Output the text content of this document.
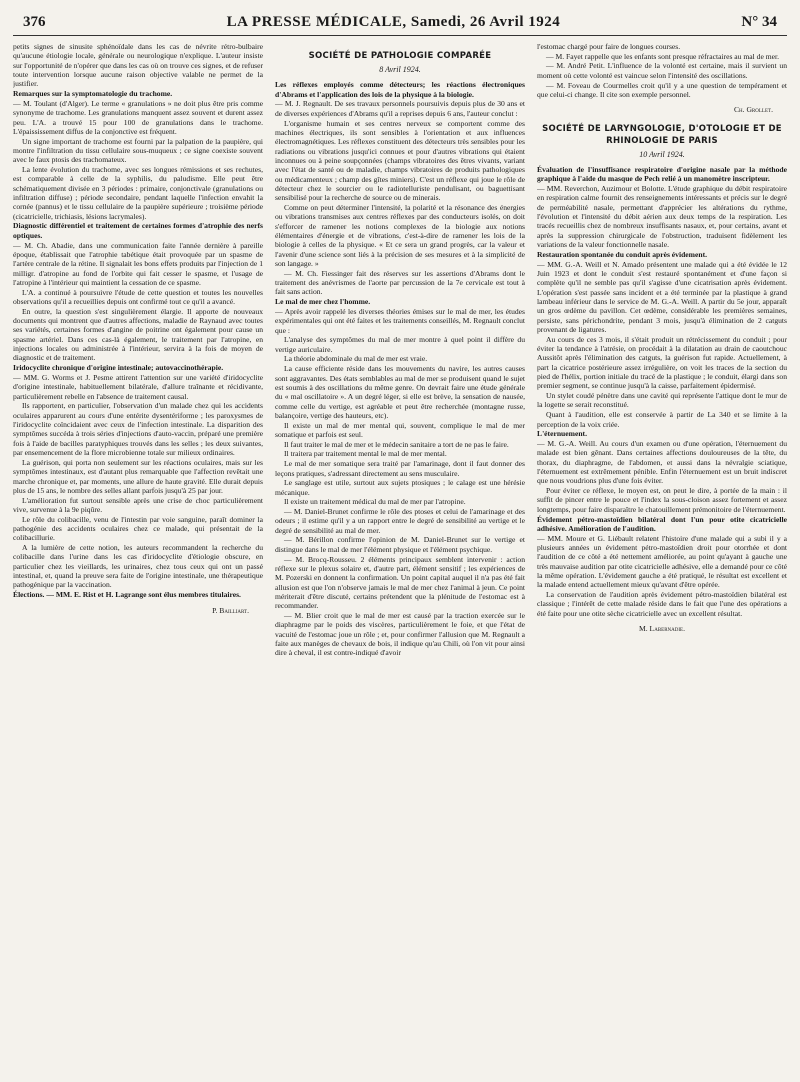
376	LA PRESSE MÉDICALE, Samedi, 26 Avril 1924	N° 34

petits signes de sinusite sphénoïdale dans les cas de névrite rétro-bulbaire qu'aucune étiologie locale, générale ou neurologique n'explique. L'auteur insiste sur l'opportunité de n'opérer que dans les cas où on trouve ces signes, et de refuser toute intervention lorsque aucune raison objective valable ne permet de la justifier.

Remarques sur la symptomatologie du trachome.

— M. Toulant (d'Alger). Le terme « granulations » ne doit plus être pris comme synonyme de trachome. Les granulations manquent assez souvent et durent assez peu. L'A. a trouvé 15 pour 100 de granulations dans le trachome. L'épaississement diffus de la conjonctive est fréquent.

Un signe important de trachome est fourni par la palpation de la paupière, qui montre l'infiltration du tissu cellulaire sous-muqueux ; ce signe coexiste souvent avec le faux ptosis des trachomateux.

La lente évolution du trachome, avec ses longues rémissions et ses rechutes, est comparable à celle de la syphilis, du paludisme. Elle peut être schématiquement divisée en 3 périodes : primaire, conjonctivale (granulations ou infiltration diffuse) ; période secondaire, pendant laquelle l'infection envahit la cornée (pannus) et le tissu cellulaire de la paupière supérieure ; troisième période (cicatricielle, trichiasis, lésions lacrymales).

Diagnostic différentiel et traitement de certaines formes d'atrophie des nerfs optiques.

— M. Ch. Abadie, dans une communication faite l'année dernière à pareille époque, établissait que l'atrophie tabétique était provoquée par un spasme de l'artère centrale de la rétine. Il signalait les bons effets produits par l'injection de 1 milligr. d'atropine au fond de l'orbite qui fait cesser le spasme, et l'usage de l'atropine à l'intérieur qui maintient la cessation de ce spasme.

L'A. a continué à poursuivre l'étude de cette question et toutes les nouvelles observations qu'il a recueillies depuis ont confirmé tout ce qu'il a avancé.

En outre, la question s'est singulièrement élargie. Il apporte de nouveaux documents qui montrent que d'autres affections, maladie de Raynaud avec toutes ses variétés, certaines formes d'angine de poitrine ont également pour cause un spasme artériel. Dans ces cas-là également, le traitement par l'atropine, en injections locales ou administrée à l'intérieur, servira à la fois de moyen de diagnostic et de traitement.

Iridocyclite chronique d'origine intestinale; autovaccinothérapie.

— MM. G. Worms et J. Pesme attirent l'attention sur une variété d'iridocyclite d'origine intestinale, habituellement bilatérale, d'allure traînante et récidivante, particulièrement rebelle en l'absence de traitement causal.

Ils rapportent, en particulier, l'observation d'un malade chez qui les accidents oculaires apparurent au cours d'une entérite dysentériforme ; les paroxysmes de l'iridocyclite coïncidaient avec ceux de l'infection intestinale. La disparition des symptômes succéda à trois séries d'injections d'auto-vaccin, préparé une première fois à l'aide de bacilles paratyphiques trouvés dans les selles ; les deux suivantes, par ensemencement de la flore microbienne totale sur milieux ordinaires.

La guérison, qui porta non seulement sur les réactions oculaires, mais sur les symptômes intestinaux, est d'autant plus remarquable que l'affection revêtait une marche chronique et, par moments, une allure de haute gravité. Elle durait depuis plus de 15 ans, le nombre des selles allant parfois jusqu'à 25 par jour.

L'amélioration fut surtout sensible après une crise de choc particulièrement vive, survenue à la 9e piqûre.

Le rôle du colibacille, venu de l'intestin par voie sanguine, paraît dominer la pathogénie des accidents oculaires chez ce malade, qui présentait de la colibacillurie.

A la lumière de cette notion, les auteurs recommandent la recherche du colibacille dans l'urine dans les cas d'iridocyclite d'étiologie obscure, en particulier chez les vieillards, les urinaires, chez tous ceux qui ont un passé intestinal, et, quand la preuve sera faite de l'origine intestinale, une thérapeutique pathogénique par la vaccination.

Élections. — MM. E. Rist et H. Lagrange sont élus membres titulaires.

P. Bailliart.
SOCIÉTÉ DE PATHOLOGIE COMPARÉE
8 Avril 1924.

Les réflexes employés comme détecteurs; les réactions électroniques d'Abrams et l'application des lois de la physique à la biologie.

— M. J. Regnault. De ses travaux personnels poursuivis depuis plus de 30 ans et de diverses expériences d'Abrams qu'il a reprises depuis 6 ans, l'auteur conclut :

L'organisme humain et ses centres nerveux se comportent comme des machines électriques, ils sont sensibles à l'orientation et aux influences électromagnétiques. Les réflexes constituent des détecteurs très sensibles pour les radiations ou vibrations jusqu'ici connues et pour d'autres vibrations qui étaient inconnues ou à peine soupçonnées (champs vibratoires des êtres vivants, variant avec l'état de santé ou de maladie, champs vibratoires de produits pathologiques ou médicamenteux ; champ des gîtes miniers). C'est un réflexe qui joue le rôle de détecteur chez le sourcier ou le radiotelluriste pendulisant, ou baguettisant sensibilisé pour la recherche de source ou de minerais.

Comme on peut déterminer l'intensité, la polarité et la résonance des énergies ou vibrations transmises aux centres réflexes par des conducteurs isolés, on doit s'efforcer de ramener les notions complexes de la biologie aux notions élémentaires d'énergie et de vibrations, c'est-à-dire de ramener les lois de la biologie à celles de la physique. « Et ce sera un grand progrès, car la valeur et l'avenir d'une science sont liés à la précision de ses mesures et à la simplicité de son langage. »

— M. Ch. Fiessinger fait des réserves sur les assertions d'Abrams dont le traitement des anévrismes de l'aorte par percussion de la 7e cervicale est tout à fait sans action.

Le mal de mer chez l'homme.

— Après avoir rappelé les diverses théories émises sur le mal de mer, les études expérimentales qui ont été faites et les traitements conseillés, M. Regnault conclut que :

L'analyse des symptômes du mal de mer montre à quel point il diffère du vertige auriculaire.

La théorie abdominale du mal de mer est vraie.

La cause efficiente réside dans les mouvements du navire, les autres causes sont aggravantes. Des états semblables au mal de mer se produisent quand le sujet est soumis à des oscillations du même genre. On devrait faire une étude générale du « mal oscillatoire ». A un degré léger, si elle est brève, la sensation de nausée, comme celle du vertige, est agréable et peut être recherchée (montagne russe, balançoire, vertige des hauteurs, etc).

Il existe un mal de mer mental qui, souvent, complique le mal de mer somatique et parfois est seul.

Il faut traiter le mal de mer et le médecin sanitaire a tort de ne pas le faire.

Il traitera par traitement mental le mal de mer mental.

Le mal de mer somatique sera traité par l'amarinage, dont il faut donner des leçons pratiques, s'adressant directement au sens musculaire.

Le sanglage est utile, surtout aux sujets ptosiques ; le calage est une hérésie mécanique.

Il existe un traitement médical du mal de mer par l'atropine.

— M. Daniel-Brunet confirme le rôle des ptoses et celui de l'amarinage et des odeurs ; il estime qu'il y a un rapport entre le degré de sensibilité au vertige et le degré de sensibilité au mal de mer.

— M. Bérillon confirme l'opinion de M. Daniel-Brunet sur le vertige et distingue dans le mal de mer l'élément physique et l'élément psychique.

— M. Brocq-Rousseu. 2 éléments principaux semblent intervenir : action réflexe sur le plexus solaire et, d'autre part, élément sensitif ; les expériences de M. Pozerski en donnent la confirmation. Un point capital auquel il n'a pas été fait allusion est que l'on n'observe jamais le mal de mer chez l'animal à jeun. Ce point mériterait d'être discuté, certains prétendent que la plénitude de l'estomac est à recommander.

— M. Blier croit que le mal de mer est causé par la traction exercée sur le diaphragme par le poids des viscères, particulièrement le foie, et que l'état de vacuité de l'estomac joue un rôle ; et, pour confirmer l'allusion que M. Regnault a faite aux manèges de chevaux de bois, il indique qu'au Chili, où l'on vit pour ainsi dire à cheval, il est contre-indiqué d'avoir

l'estomac chargé pour faire de longues courses.

— M. Fayet rappelle que les enfants sont presque réfractaires au mal de mer.

— M. André Petit. L'influence de la volonté est certaine, mais il survient un moment où cette volonté est vaincue selon l'intensité des oscillations.

— M. Foveau de Courmelles croit qu'il y a une question de tempérament et que celui-ci change. Il cite son exemple personnel.

Ch. Grollet.
SOCIÉTÉ DE LARYNGOLOGIE, D'OTOLOGIE ET DE RHINOLOGIE DE PARIS
10 Avril 1924.

Évaluation de l'insuffisance respiratoire d'origine nasale par la méthode graphique à l'aide du masque de Pech relié à un manomètre inscripteur.

— MM. Reverchon, Auzimour et Bolotte. L'étude graphique du débit respiratoire en respiration calme fournit des renseignements intéressants et précis sur le degré de perméabilité nasale, permettant d'apprécier les altérations du rythme, l'évolution et l'intensité du débit aérien aux deux temps de la respiration. Les tracés recueillis chez de nombreux insuffisants nasaux, et, pour certains, avant et après la suppression chirurgicale de l'obstruction, traduisent fidèlement les variations de la valeur fonctionnelle nasale.

Restauration spontanée du conduit après évidement.

— MM. G.-A. Weill et N. Amado présentent une malade qui a été évidée le 12 Juin 1923 et dont le conduit s'est restauré spontanément et d'une façon si complète qu'il ne semble pas qu'il s'agisse d'une cicatrisation après évidement. L'opération s'est passée sans incident et a été terminée par la plastique à grand lambeau inférieur dans le service de M. G.-A. Weill. A partir du 5e jour, apparaît un gros œdème du pavillon. Cet œdème, considérable les premières semaines, persiste, sans périchondrite, pendant 3 mois, jusqu'à élimination de 2 catguts provenant de ligatures.

Au cours de ces 3 mois, il s'était produit un rétrécissement du conduit ; pour éviter la tendance à l'atrésie, on procédait à la dilatation au drain de caoutchouc Aussitôt après l'élimination des catguts, la guérison fut rapide. Actuellement, à part la cicatrice postérieure assez irrégulière, on voit les traces de la section du pied de l'hélix, portion initiale du tracé de la plastique ; le conduit, élargi dans son premier segment, se continue jusqu'à la caisse, parfaitement épidermisé.

Un stylet coudé pénètre dans une cavité qui représente l'attique dont le mur de la logette se serait reconstitué.

Quant à l'audition, elle est conservée à partir de La 340 et se limite à la perception de la voix criée.

L'éternuement.

— M. G.-A. Weill. Au cours d'un examen ou d'une opération, l'éternuement du malade est bien gênant. Dans certaines affections douloureuses de la tête, du thorax, du diaphragme, de l'abdomen, et aussi dans la névralgie sciatique, l'éternuement est extrêmement pénible. Enfin l'éternuement est un bruit indiscret que nous voudrions plus d'une fois éviter.

Pour éviter ce réflexe, le moyen est, on peut le dire, à portée de la main : il suffit de pincer entre le pouce et l'index la sous-cloison assez fortement et assez longtemps, pour faire disparaître le chatouillement prémonitoire de l'éternuement.

Évidement pétro-mastoïdien bilatéral dont l'un pour otite cicatricielle adhésive. Amélioration de l'audition.

— MM. Moure et G. Liébault relatent l'histoire d'une malade qui a subi il y a plusieurs années un évidement pétro-mastoïdien droit pour otorrhée et dont l'audition de ce côté a été nettement améliorée, au point qu'ayant à gauche une très mauvaise audition par otite cicatricielle adhésive, elle a demandé pour ce côté la même opération. L'évidement gauche a été pratiqué, le résultat est excellent et la malade entend actuellement mieux qu'avant d'être opérée.

La conservation de l'audition après évidement pétro-mastoïdien bilatéral est classique ; l'intérêt de cette malade réside dans le fait que l'une des opérations a été faite pour une otite sèche cicatricielle avec un excellent résultat.

M. Labernadie.
